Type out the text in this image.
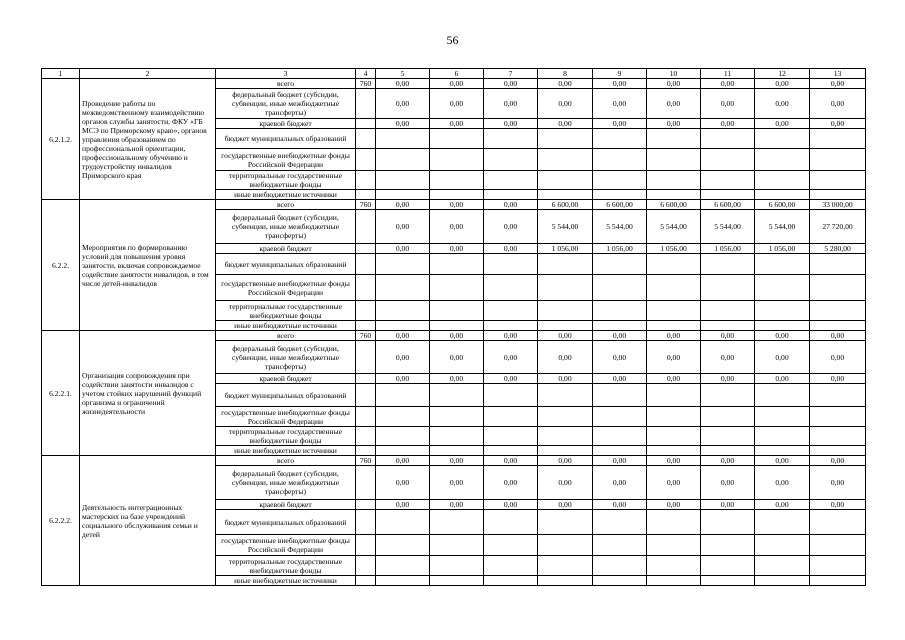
56
1	2	3	4	5	6	7	8	9	10	11	12	13
6.2.1.2.	Проведение работы по межведомственному взаимодействию органов службы занятости, ФКУ «ГБ МСЭ по Приморскому краю», органов управления образованием по профессиональной ориентации, профессиональному обучению и трудоустройству инвалидов Приморского края	всего	760	0,00	0,00	0,00	0,00	0,00	0,00	0,00	0,00	0,00
		федеральный бюджет (субсидии, субвенции, иные межбюджетные трансферты)		0,00	0,00	0,00	0,00	0,00	0,00	0,00	0,00	0,00
		краевой бюджет		0,00	0,00	0,00	0,00	0,00	0,00	0,00	0,00	0,00
		бюджет муниципальных образований										
		государственные внебюджетные фонды Российской Федерации										
		территориальные государственные внебюджетные фонды										
		иные внебюджетные источники										
6.2.2.	Мероприятия по формированию условий для повышения уровня занятости, включая сопровождаемое содействие занятости инвалидов, в том числе детей-инвалидов	всего	760	0,00	0,00	0,00	6 600,00	6 600,00	6 600,00	6 600,00	6 600,00	33 000,00
		федеральный бюджет (субсидии, субвенции, иные межбюджетные трансферты)		0,00	0,00	0,00	5 544,00	5 544,00	5 544,00	5 544,00	5 544,00	27 720,00
		краевой бюджет		0,00	0,00	0,00	1 056,00	1 056,00	1 056,00	1 056,00	1 056,00	5 280,00
		бюджет муниципальных образований										
		государственные внебюджетные фонды Российской Федерации										
		территориальные государственные внебюджетные фонды										
		иные внебюджетные источники										
6.2.2.1.	Организация сопровождения при содействии занятости инвалидов с учетом стойких нарушений функций организма и ограничений жизнедеятельности	всего	760	0,00	0,00	0,00	0,00	0,00	0,00	0,00	0,00	0,00
		федеральный бюджет (субсидии, субвенции, иные межбюджетные трансферты)		0,00	0,00	0,00	0,00	0,00	0,00	0,00	0,00	0,00
		краевой бюджет		0,00	0,00	0,00	0,00	0,00	0,00	0,00	0,00	0,00
		бюджет муниципальных образований										
		государственные внебюджетные фонды Российской Федерации										
		территориальные государственные внебюджетные фонды										
		иные внебюджетные источники										
6.2.2.2.	Деятельность интеграционных мастерских на базе учреждений социального обслуживания семьи и детей	всего	760	0,00	0,00	0,00	0,00	0,00	0,00	0,00	0,00	0,00
		федеральный бюджет (субсидии, субвенции, иные межбюджетные трансферты)		0,00	0,00	0,00	0,00	0,00	0,00	0,00	0,00	0,00
		краевой бюджет		0,00	0,00	0,00	0,00	0,00	0,00	0,00	0,00	0,00
		бюджет муниципальных образований										
		государственные внебюджетные фонды Российской Федерации										
		территориальные государственные внебюджетные фонды										
		иные внебюджетные источники										
